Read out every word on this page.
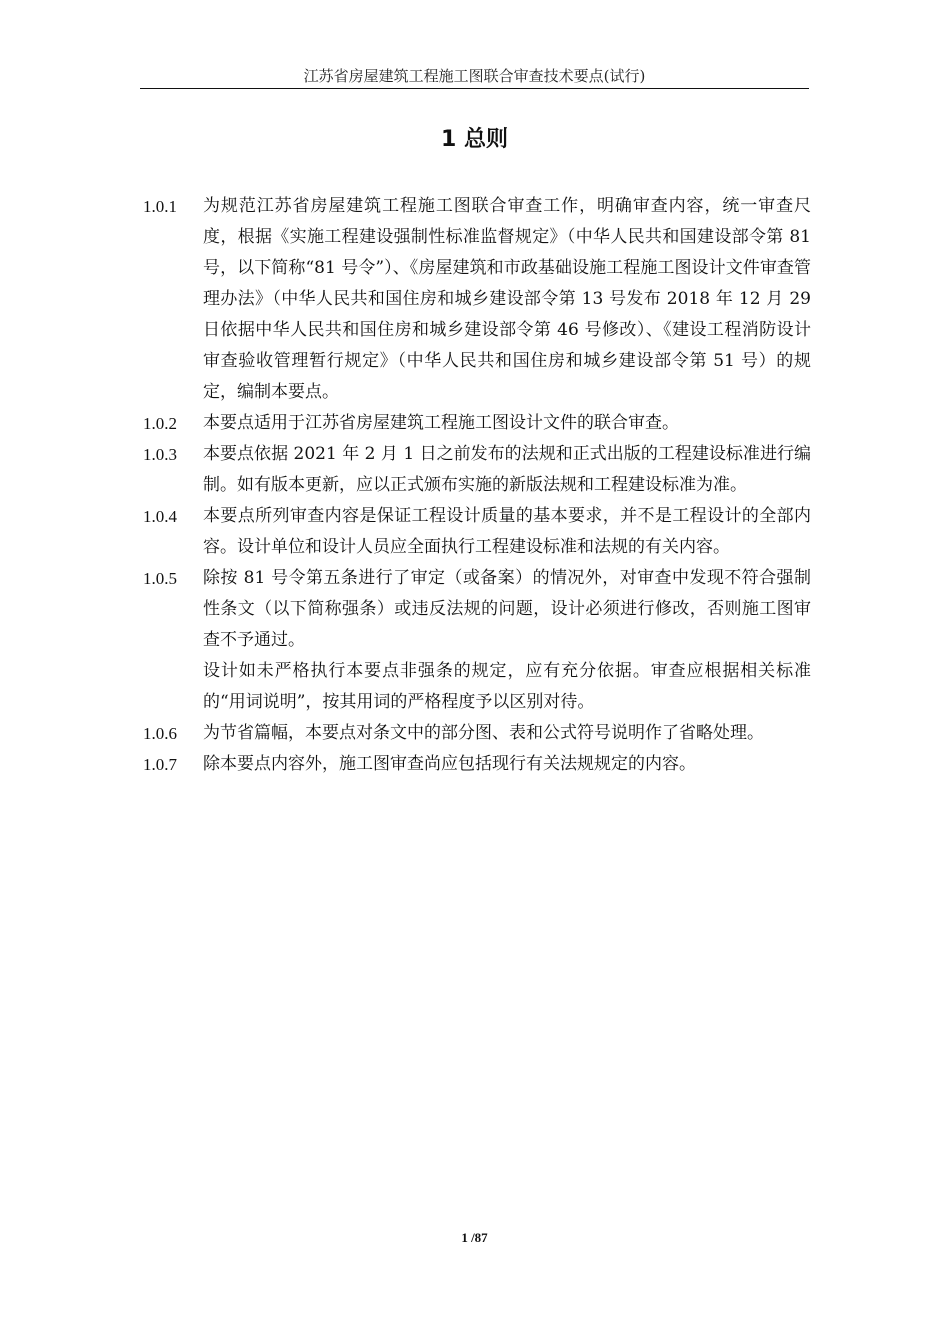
江苏省房屋建筑工程施工图联合审查技术要点(试行)
1 总则
1.0.1 为规范江苏省房屋建筑工程施工图联合审查工作，明确审查内容，统一审查尺度，根据《实施工程建设强制性标准监督规定》（中华人民共和国建设部令第 81 号，以下简称“81 号令”）、《房屋建筑和市政基础设施工程施工图设计文件审查管理办法》（中华人民共和国住房和城乡建设部令第 13 号发布 2018 年 12 月 29 日依据中华人民共和国住房和城乡建设部令第 46 号修改）、《建设工程消防设计审查验收管理暂行规定》（中华人民共和国住房和城乡建设部令第 51 号）的规定，编制本要点。
1.0.2 本要点适用于江苏省房屋建筑工程施工图设计文件的联合审查。
1.0.3 本要点依据 2021 年 2 月 1 日之前发布的法规和正式出版的工程建设标准进行编制。如有版本更新，应以正式颁布实施的新版法规和工程建设标准为准。
1.0.4 本要点所列审查内容是保证工程设计质量的基本要求，并不是工程设计的全部内容。设计单位和设计人员应全面执行工程建设标准和法规的有关内容。
1.0.5 除按 81 号令第五条进行了审定（或备案）的情况外，对审查中发现不符合强制性条文（以下简称强条）或违反法规的问题，设计必须进行修改，否则施工图审查不予通过。
设计如未严格执行本要点非强条的规定，应有充分依据。审查应根据相关标准的“用词说明”，按其用词的严格程度予以区别对待。
1.0.6 为节省篇幅，本要点对条文中的部分图、表和公式符号说明作了省略处理。
1.0.7 除本要点内容外，施工图审查尚应包括现行有关法规规定的内容。
1 /87
